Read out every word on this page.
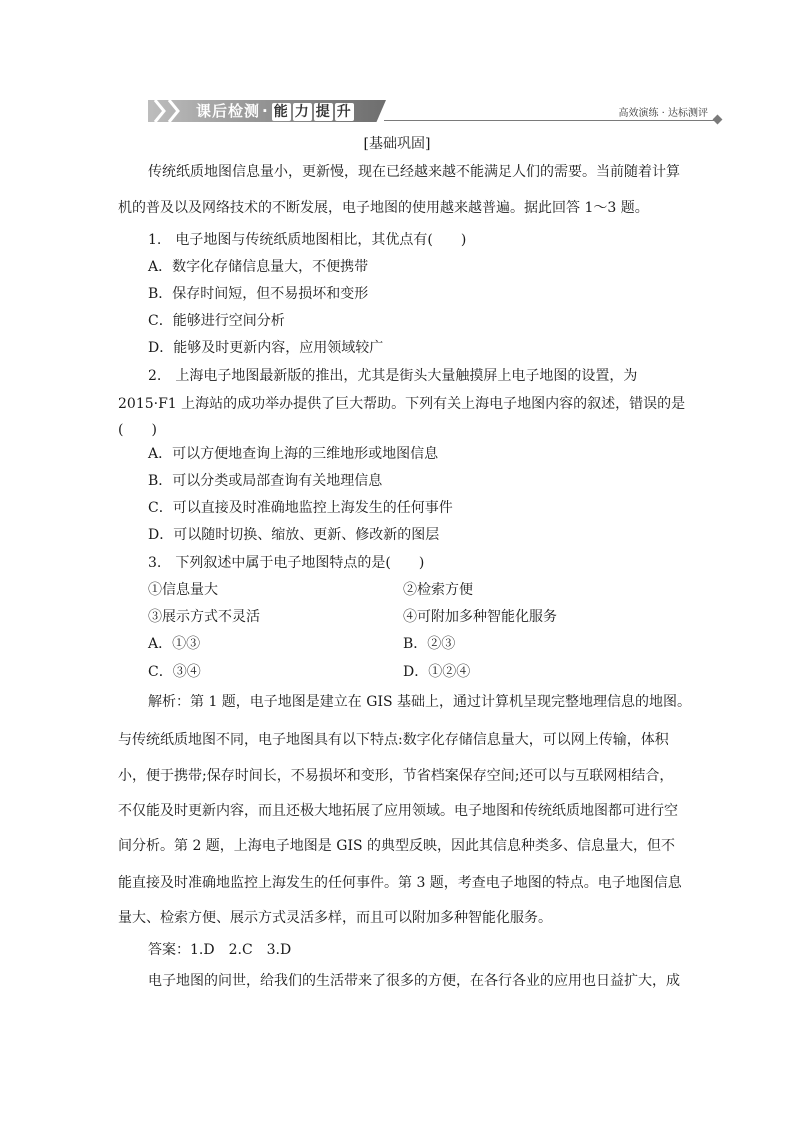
课后检测 · 能 力 提 升	高效演练 · 达标测评
[基础巩固]
传统纸质地图信息量小，更新慢，现在已经越来越不能满足人们的需要。当前随着计算
机的普及以及网络技术的不断发展，电子地图的使用越来越普遍。据此回答 1～3 题。
1.　电子地图与传统纸质地图相比，其优点有(　　)
A．数字化存储信息量大，不便携带
B．保存时间短，但不易损坏和变形
C．能够进行空间分析
D．能够及时更新内容，应用领域较广
2.　上海电子地图最新版的推出，尤其是街头大量触摸屏上电子地图的设置，为
2015·F1 上海站的成功举办提供了巨大帮助。下列有关上海电子地图内容的叙述，错误的是
(　　)
A．可以方便地查询上海的三维地形或地图信息
B．可以分类或局部查询有关地理信息
C．可以直接及时准确地监控上海发生的任何事件
D．可以随时切换、缩放、更新、修改新的图层
3.　下列叙述中属于电子地图特点的是(　　)
①信息量大	②检索方便
③展示方式不灵活	④可附加多种智能化服务
A．①③	B．②③
C．③④	D．①②④
解析：第 1 题，电子地图是建立在 GIS 基础上，通过计算机呈现完整地理信息的地图。
与传统纸质地图不同，电子地图具有以下特点:数字化存储信息量大，可以网上传输，体积
小，便于携带;保存时间长，不易损坏和变形，节省档案保存空间;还可以与互联网相结合，
不仅能及时更新内容，而且还极大地拓展了应用领域。电子地图和传统纸质地图都可进行空
间分析。第 2 题，上海电子地图是 GIS 的典型反映，因此其信息种类多、信息量大，但不
能直接及时准确地监控上海发生的任何事件。第 3 题，考查电子地图的特点。电子地图信息
量大、检索方便、展示方式灵活多样，而且可以附加多种智能化服务。
答案：1.D　2.C　3.D
电子地图的问世，给我们的生活带来了很多的方便，在各行各业的应用也日益扩大，成
